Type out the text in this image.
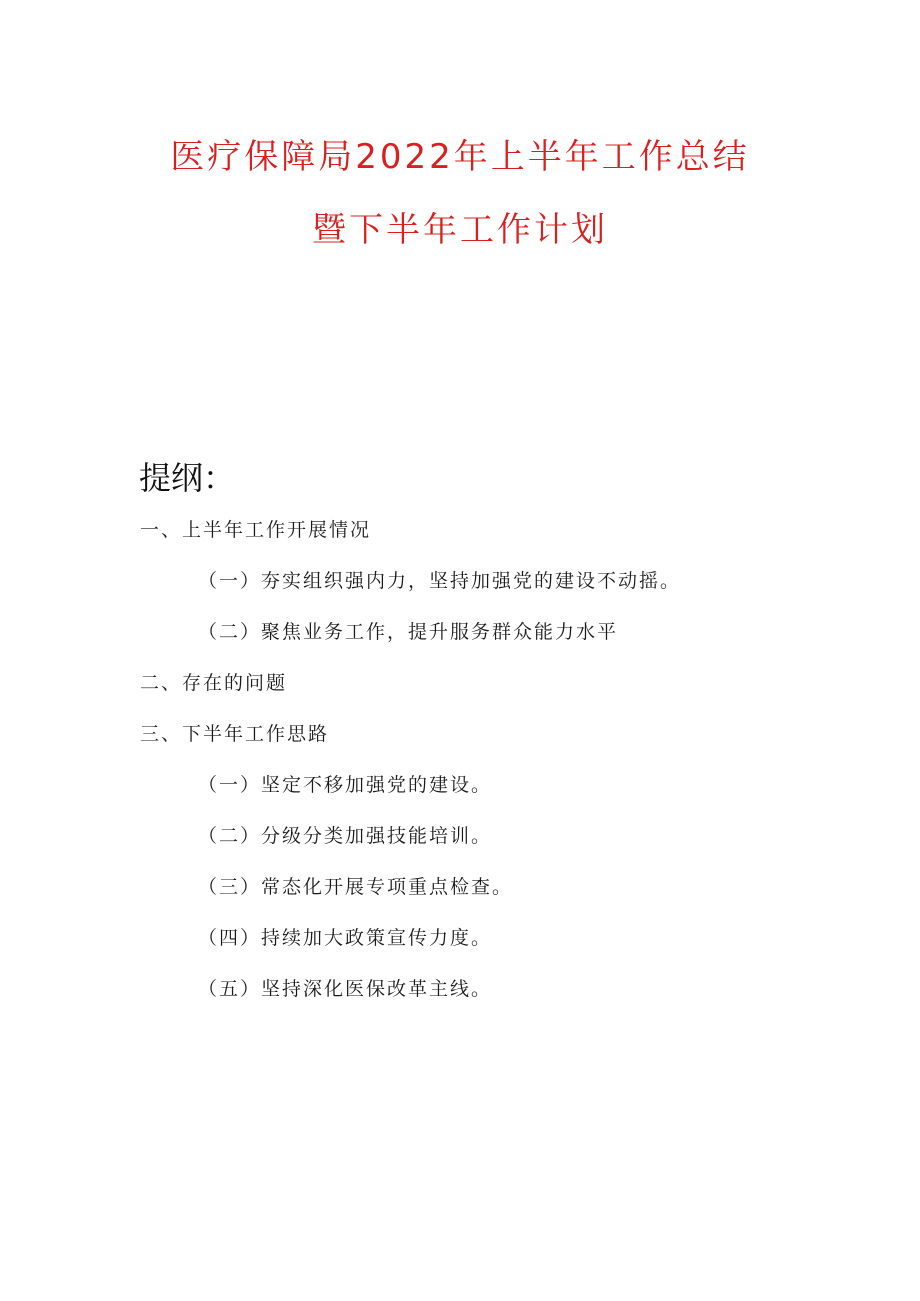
医疗保障局2022年上半年工作总结
暨下半年工作计划
提纲：
一、上半年工作开展情况
（一）夯实组织强内力，坚持加强党的建设不动摇。
（二）聚焦业务工作，提升服务群众能力水平
二、存在的问题
三、下半年工作思路
（一）坚定不移加强党的建设。
（二）分级分类加强技能培训。
（三）常态化开展专项重点检查。
（四）持续加大政策宣传力度。
（五）坚持深化医保改革主线。
